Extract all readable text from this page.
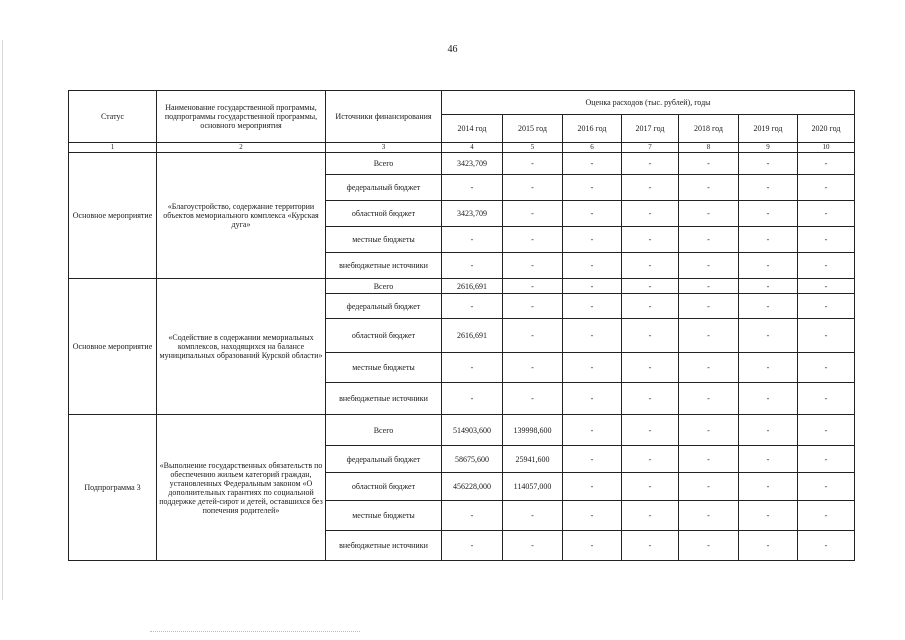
46
Статус	Наименование государственной программы, подпрограммы государственной программы, основного мероприятия	Источники финансирования	Оценка расходов (тыс. рублей), годы						
			2014 год	2015 год	2016 год	2017 год	2018 год	2019 год	2020 год
1	2	3	4	5	6	7	8	9	10
Основное мероприятие	«Благоустройство, содержание территории объектов мемориального комплекса «Курская дуга»	Всего	3423,709	-	-	-	-	-	-
		федеральный бюджет	-	-	-	-	-	-	-
		областной бюджет	3423,709	-	-	-	-	-	-
		местные бюджеты	-	-	-	-	-	-	-
		внебюджетные источники	-	-	-	-	-	-	-
Основное мероприятие	«Содействие в содержании мемориальных комплексов, находящихся на балансе муниципальных образований Курской области»	Всего	2616,691	-	-	-	-	-	-
		федеральный бюджет	-	-	-	-	-	-	-
		областной бюджет	2616,691	-	-	-	-	-	-
		местные бюджеты	-	-	-	-	-	-	-
		внебюджетные источники	-	-	-	-	-	-	-
Подпрограмма 3	«Выполнение государственных обязательств по обеспечению жильем категорий граждан, установленных Федеральным законом «О дополнительных гарантиях по социальной поддержке детей-сирот и детей, оставшихся без попечения родителей»	Всего	514903,600	139998,600	-	-	-	-	-
		федеральный бюджет	58675,600	25941,600	-	-	-	-	-
		областной бюджет	456228,000	114057,000	-	-	-	-	-
		местные бюджеты	-	-	-	-	-	-	-
		внебюджетные источники	-	-	-	-	-	-	-
